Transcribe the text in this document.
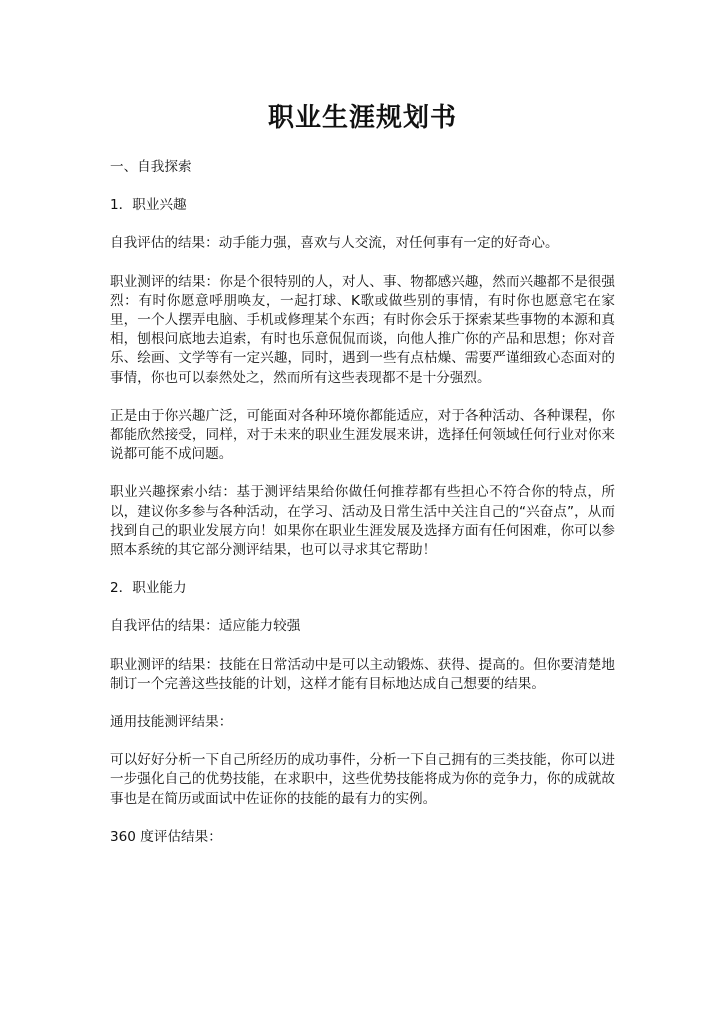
职业生涯规划书
一、自我探索
1．职业兴趣

自我评估的结果：动手能力强，喜欢与人交流，对任何事有一定的好奇心。

职业测评的结果：你是个很特别的人，对人、事、物都感兴趣，然而兴趣都不是很强烈：有时你愿意呼朋唤友，一起打球、K歌或做些别的事情，有时你也愿意宅在家里，一个人摆弄电脑、手机或修理某个东西；有时你会乐于探索某些事物的本源和真相，刨根问底地去追索，有时也乐意侃侃而谈，向他人推广你的产品和思想；你对音乐、绘画、文学等有一定兴趣，同时，遇到一些有点枯燥、需要严谨细致心态面对的事情，你也可以泰然处之，然而所有这些表现都不是十分强烈。

正是由于你兴趣广泛，可能面对各种环境你都能适应，对于各种活动、各种课程，你都能欣然接受，同样，对于未来的职业生涯发展来讲，选择任何领域任何行业对你来说都可能不成问题。

职业兴趣探索小结：基于测评结果给你做任何推荐都有些担心不符合你的特点，所以，建议你多参与各种活动，在学习、活动及日常生活中关注自己的“兴奋点”，从而找到自己的职业发展方向！如果你在职业生涯发展及选择方面有任何困难，你可以参照本系统的其它部分测评结果，也可以寻求其它帮助！

2．职业能力

自我评估的结果：适应能力较强

职业测评的结果：技能在日常活动中是可以主动锻炼、获得、提高的。但你要清楚地制订一个完善这些技能的计划，这样才能有目标地达成自己想要的结果。

通用技能测评结果：

可以好好分析一下自己所经历的成功事件，分析一下自己拥有的三类技能，你可以进一步强化自己的优势技能，在求职中，这些优势技能将成为你的竞争力，你的成就故事也是在简历或面试中佐证你的技能的最有力的实例。

360 度评估结果：
